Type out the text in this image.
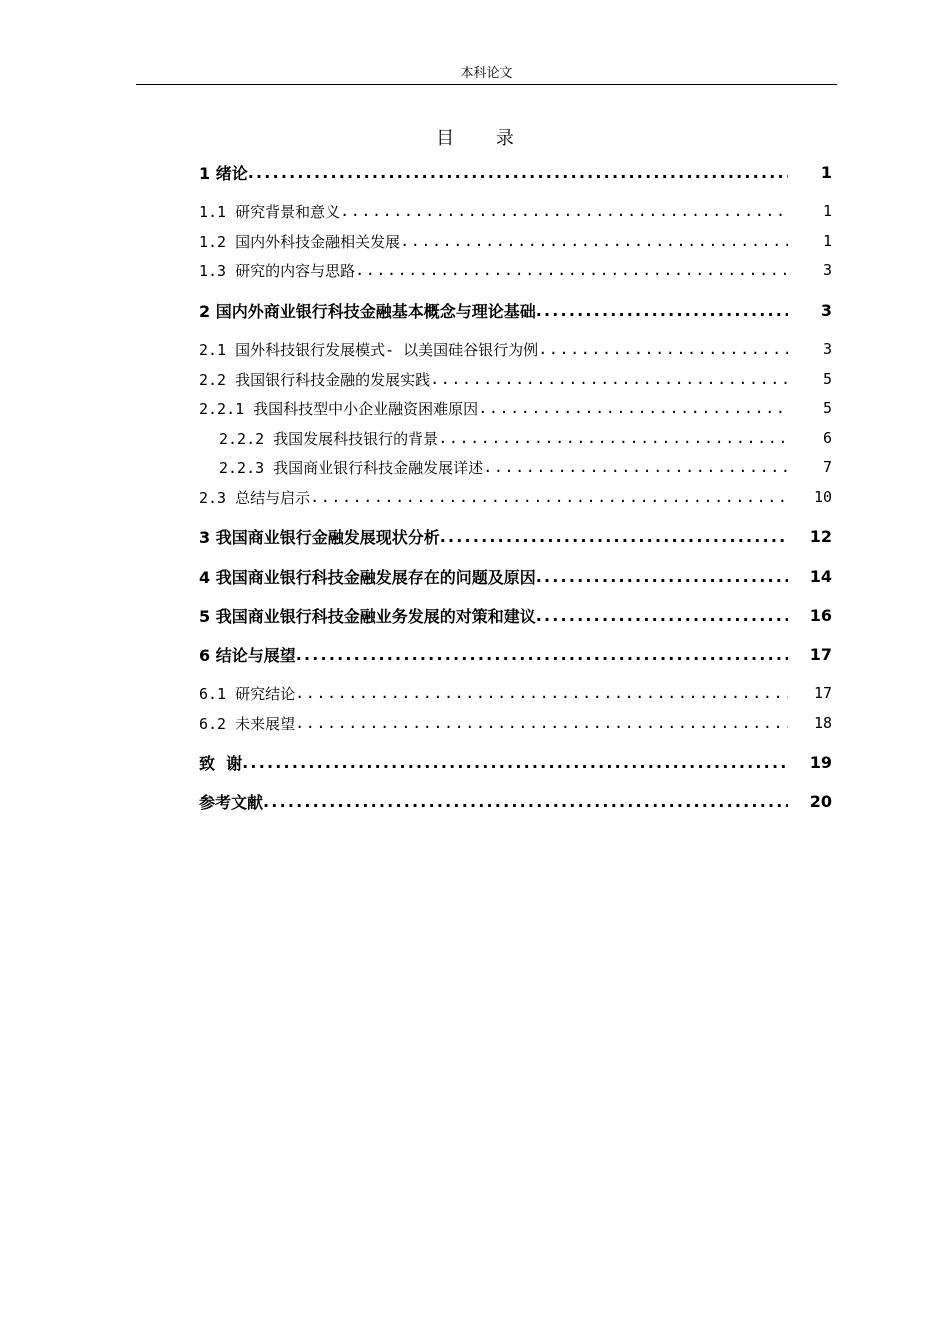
本科论文
目 录
1 绪论 .....	1
1.1 研究背景和意义 .....	1
1.2 国内外科技金融相关发展 .....	1
1.3 研究的内容与思路 .....	3
2 国内外商业银行科技金融基本概念与理论基础 .....	3
2.1 国外科技银行发展模式- 以美国硅谷银行为例 .....	3
2.2 我国银行科技金融的发展实践 .....	5
2.2.1 我国科技型中小企业融资困难原因 .....	5
2.2.2 我国发展科技银行的背景 .....	6
2.2.3 我国商业银行科技金融发展详述 .....	7
2.3 总结与启示 .....	10
3 我国商业银行金融发展现状分析 .....	12
4 我国商业银行科技金融发展存在的问题及原因 .....	14
5 我国商业银行科技金融业务发展的对策和建议 .....	16
6 结论与展望 .....	17
6.1 研究结论 .....	17
6.2 未来展望 .....	18
致  谢 .....	19
参考文献 .....	20
